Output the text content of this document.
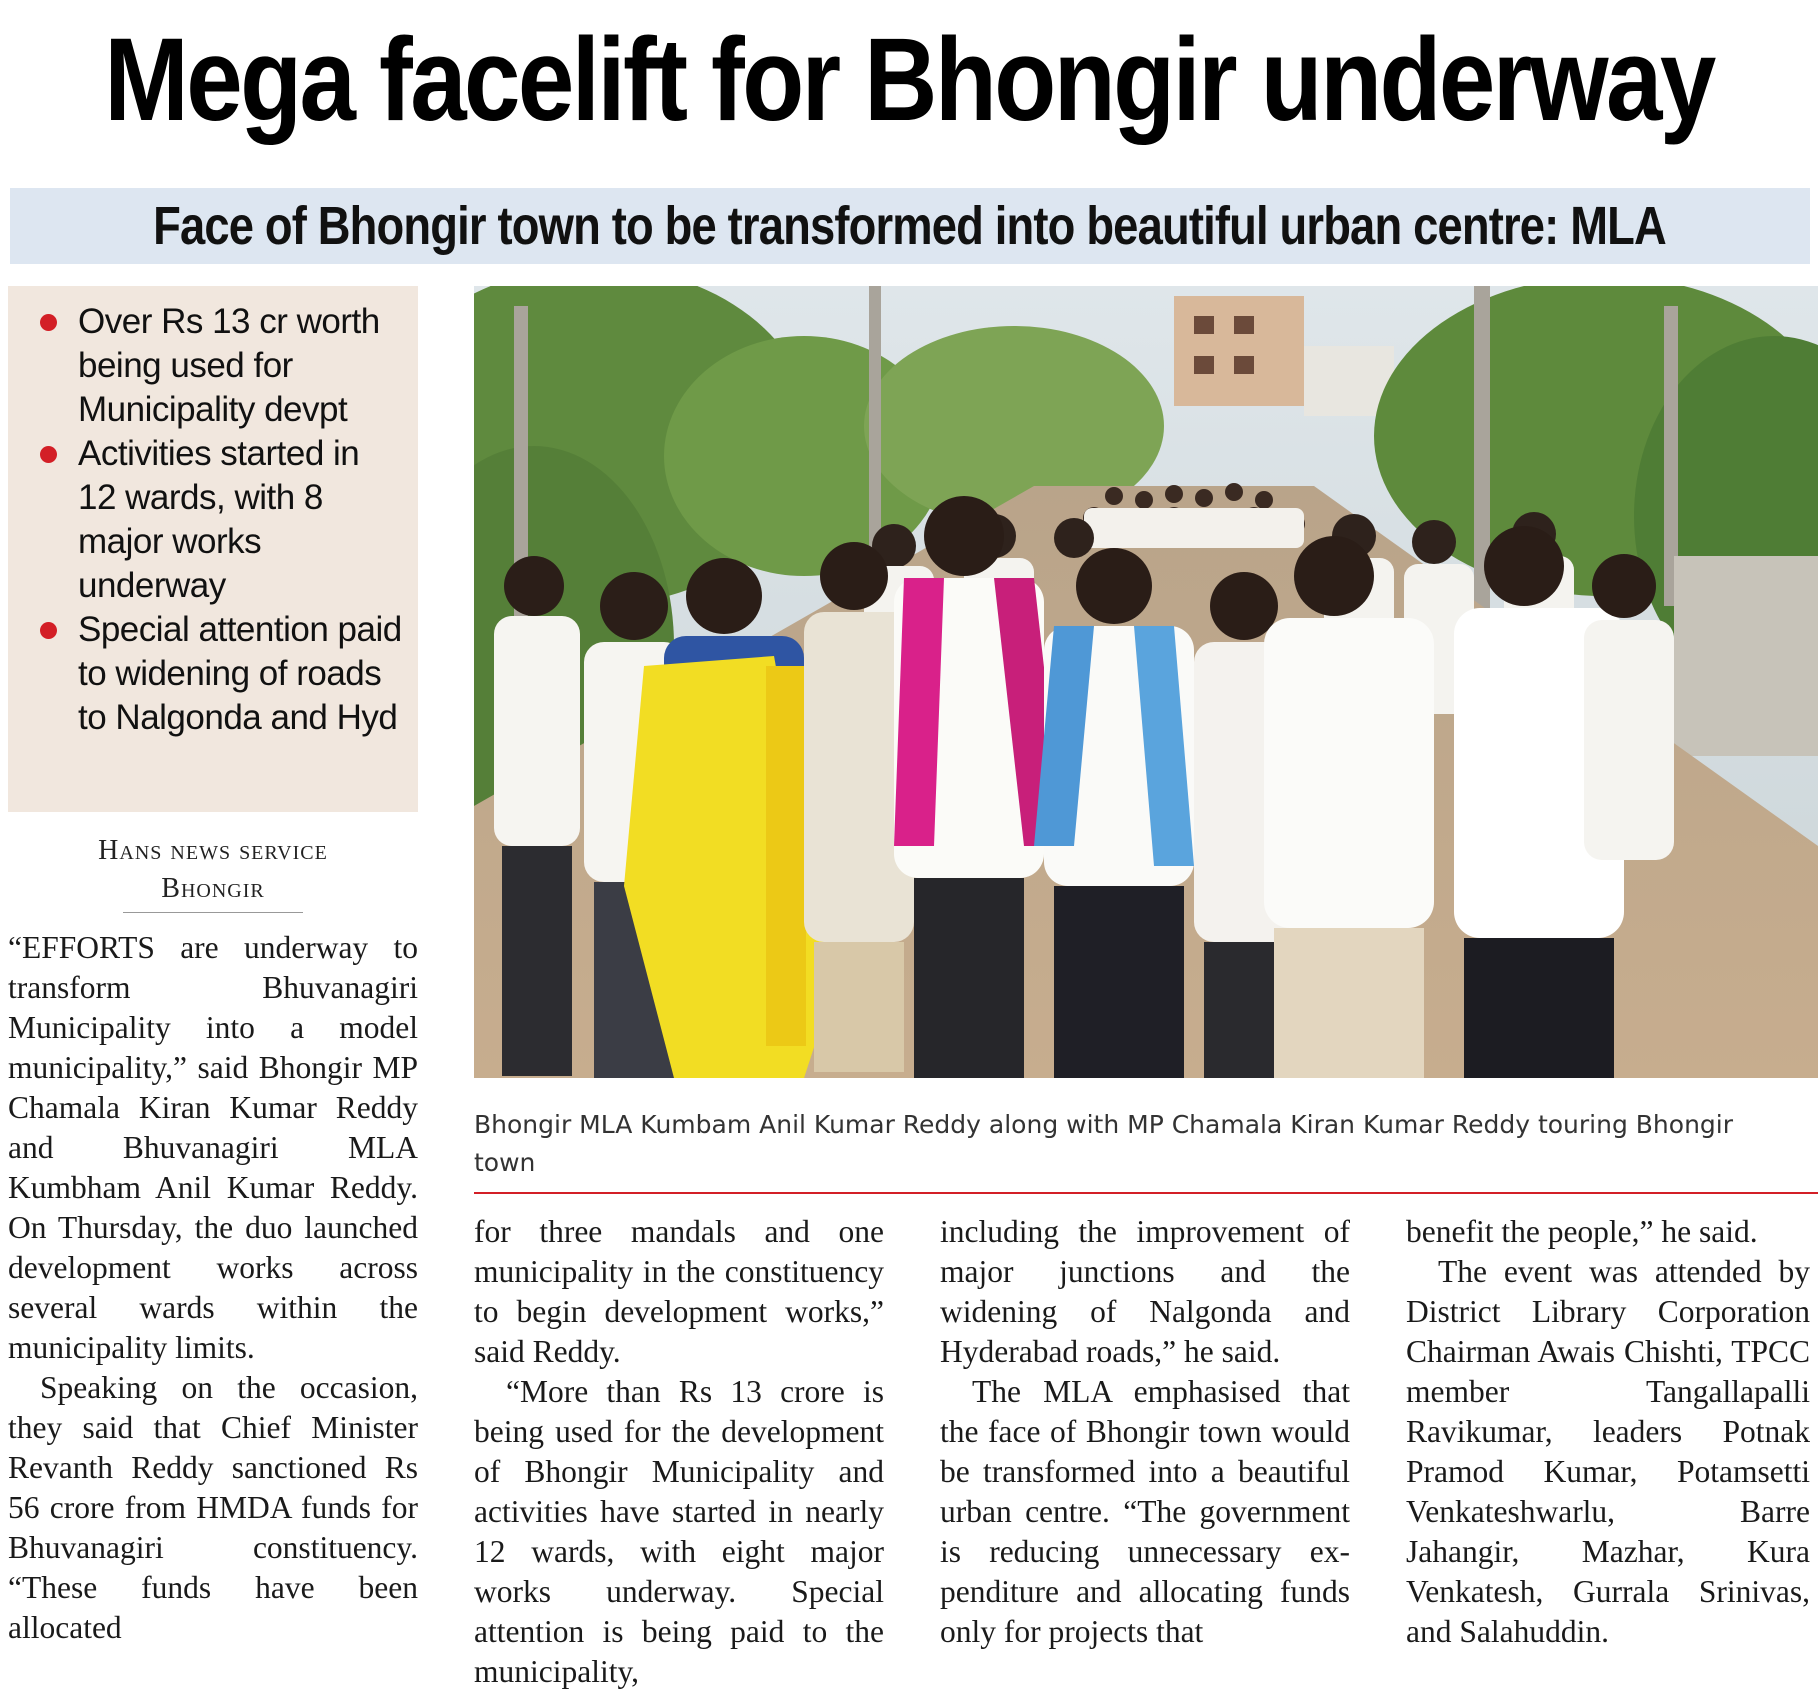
Mega facelift for Bhongir underway
Face of Bhongir town to be transformed into beautiful urban centre: MLA
Over Rs 13 cr worth being used for Municipality devpt
Activities started in 12 wards, with 8 major works underway
Special attention paid to widening of roads to Nalgonda and Hyd
Hans news service
Bhongir

“EFFORTS are underway to transform Bhuvanagiri Municipality into a model municipality,” said Bhongir MP Chamala Kiran Kumar Reddy and Bhuvanagiri MLA Kumbham Anil Kumar Reddy. On Thursday, the duo launched development works across several wards within the municipality limits.

Speaking on the occasion, they said that Chief Minister Revanth Reddy sanctioned Rs 56 crore from HMDA funds for Bhuvanagiri constituency. “These funds have been allocated

Bhongir MLA Kumbam Anil Kumar Reddy along with MP Chamala Kiran Kumar Reddy touring Bhongir town

for three mandals and one municipality in the constituency to begin development works,” said Reddy.

“More than Rs 13 crore is being used for the development of Bhongir Municipality and activities have started in nearly 12 wards, with eight major works underway. Special attention is being paid to the municipality,

including the improvement of major junctions and the widening of Nalgonda and Hyderabad roads,” he said.

The MLA emphasised that the face of Bhongir town would be transformed into a beautiful urban centre. “The government is reducing unnecessary expenditure and allocating funds only for projects that

benefit the people,” he said.

The event was attended by District Library Corporation Chairman Awais Chishti, TPCC member Tangallapalli Ravikumar, leaders Potnak Pramod Kumar, Potamsetti Venkateshwarlu, Barre Jahangir, Mazhar, Kura Venkatesh, Gurrala Srinivas, and Salahuddin.
